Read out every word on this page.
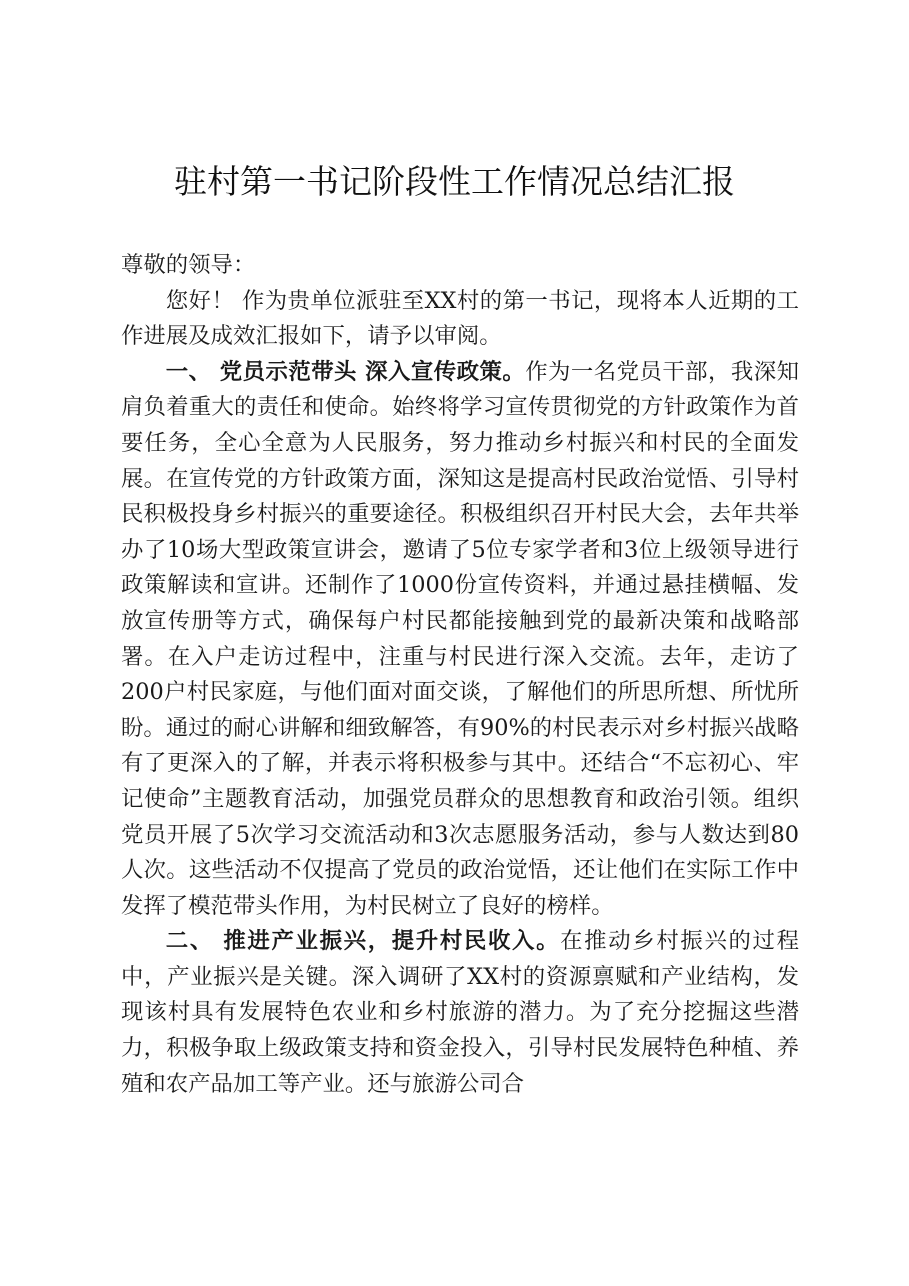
驻村第一书记阶段性工作情况总结汇报

尊敬的领导：

您好！ 作为贵单位派驻至XX村的第一书记，现将本人近期的工作进展及成效汇报如下，请予以审阅。

一、 党员示范带头 深入宣传政策。作为一名党员干部，我深知肩负着重大的责任和使命。始终将学习宣传贯彻党的方针政策作为首要任务，全心全意为人民服务，努力推动乡村振兴和村民的全面发展。在宣传党的方针政策方面，深知这是提高村民政治觉悟、引导村民积极投身乡村振兴的重要途径。积极组织召开村民大会，去年共举办了10场大型政策宣讲会，邀请了5位专家学者和3位上级领导进行政策解读和宣讲。还制作了1000份宣传资料，并通过悬挂横幅、发放宣传册等方式，确保每户村民都能接触到党的最新决策和战略部署。在入户走访过程中，注重与村民进行深入交流。去年，走访了200户村民家庭，与他们面对面交谈，了解他们的所思所想、所忧所盼。通过的耐心讲解和细致解答，有90%的村民表示对乡村振兴战略有了更深入的了解，并表示将积极参与其中。还结合“不忘初心、牢记使命”主题教育活动，加强党员群众的思想教育和政治引领。组织党员开展了5次学习交流活动和3次志愿服务活动，参与人数达到80人次。这些活动不仅提高了党员的政治觉悟，还让他们在实际工作中发挥了模范带头作用，为村民树立了良好的榜样。

二、 推进产业振兴，提升村民收入。在推动乡村振兴的过程中，产业振兴是关键。深入调研了XX村的资源禀赋和产业结构，发现该村具有发展特色农业和乡村旅游的潜力。为了充分挖掘这些潜力，积极争取上级政策支持和资金投入，引导村民发展特色种植、养殖和农产品加工等产业。还与旅游公司合
